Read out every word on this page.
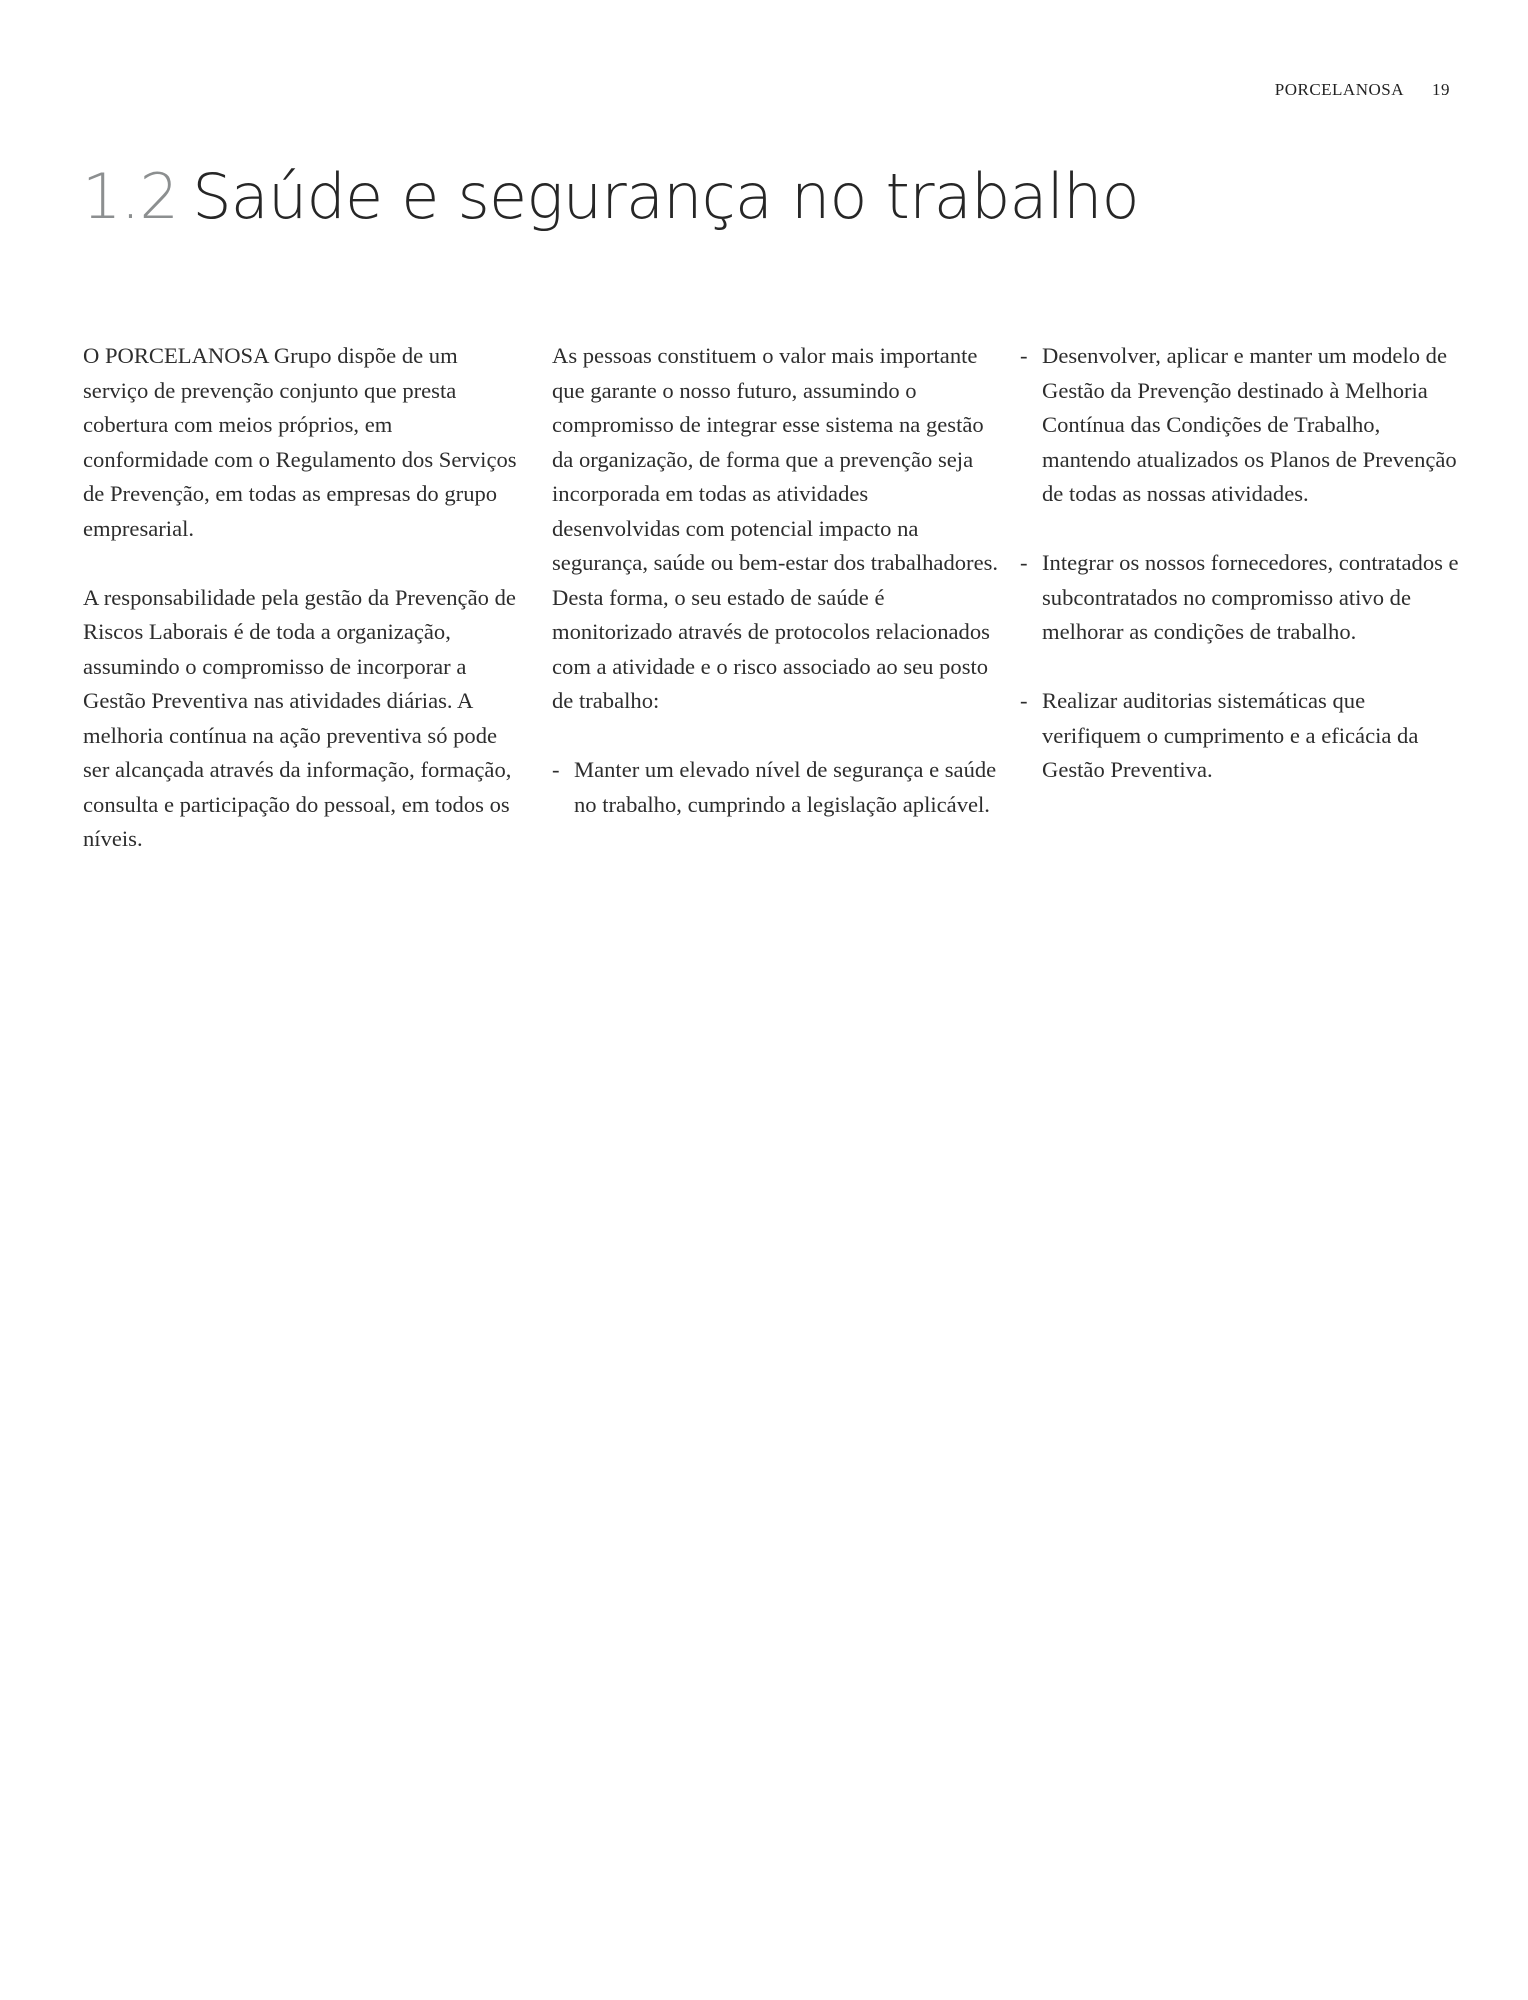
PORCELANOSA 19
1.2 Saúde e segurança no trabalho

O PORCELANOSA Grupo dispõe de um serviço de prevenção conjunto que presta cobertura com meios próprios, em conformidade com o Regulamento dos Serviços de Prevenção, em todas as empresas do grupo empresarial.

A responsabilidade pela gestão da Prevenção de Riscos Laborais é de toda a organização, assumindo o compromisso de incorporar a Gestão Preventiva nas atividades diárias. A melhoria contínua na ação preventiva só pode ser alcançada através da informação, formação, consulta e participação do pessoal, em todos os níveis.

As pessoas constituem o valor mais importante que garante o nosso futuro, assumindo o compromisso de integrar esse sistema na gestão da organização, de forma que a prevenção seja incorporada em todas as atividades desenvolvidas com potencial impacto na segurança, saúde ou bem-estar dos trabalhadores. Desta forma, o seu estado de saúde é monitorizado através de protocolos relacionados com a atividade e o risco associado ao seu posto de trabalho:

- Manter um elevado nível de segurança e saúde no trabalho, cumprindo a legislação aplicável.
- Desenvolver, aplicar e manter um modelo de Gestão da Prevenção destinado à Melhoria Contínua das Condições de Trabalho, mantendo atualizados os Planos de Prevenção de todas as nossas atividades.
- Integrar os nossos fornecedores, contratados e subcontratados no compromisso ativo de melhorar as condições de trabalho.
- Realizar auditorias sistemáticas que verifiquem o cumprimento e a eficácia da Gestão Preventiva.
